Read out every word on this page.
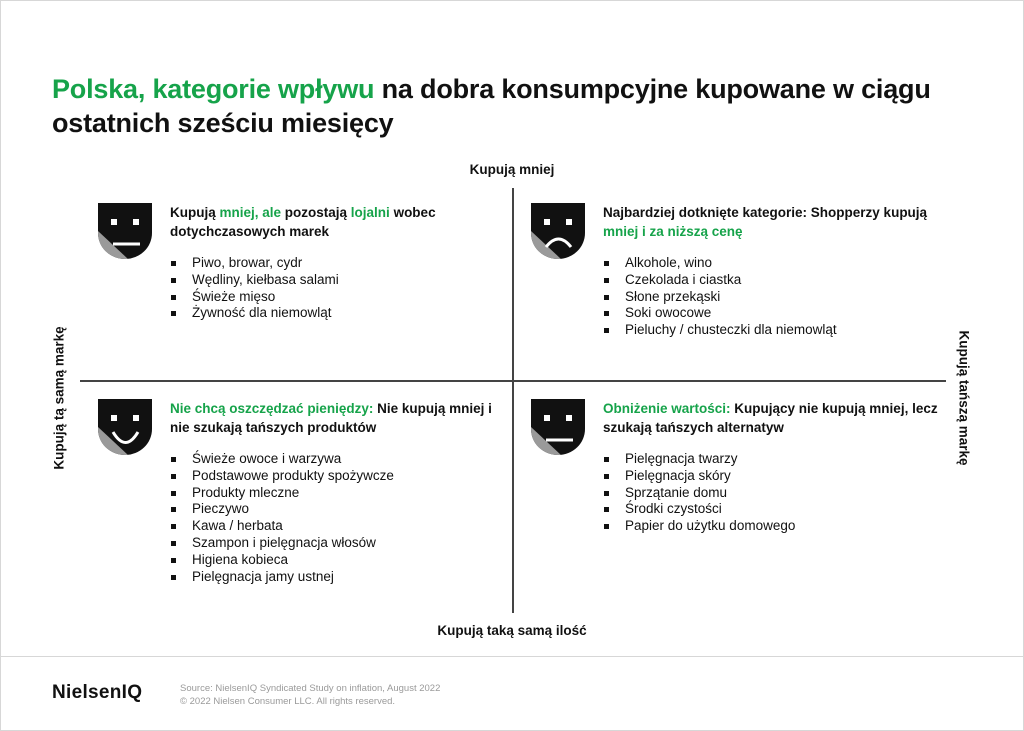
Polska, kategorie wpływu na dobra konsumpcyjne kupowane w ciągu ostatnich sześciu miesięcy
Kupują mniej
Kupują taką samą ilość
Kupują tą samą markę	Kupują tańszą markę
Kupują mniej, ale pozostają lojalni wobec dotychczasowych marek
Piwo, browar, cydr
Wędliny, kiełbasa salami
Świeże mięso
Żywność dla niemowląt
Najbardziej dotknięte kategorie: Shopperzy kupują mniej i za niższą cenę
Alkohole, wino
Czekolada i ciastka
Słone przekąski
Soki owocowe
Pieluchy / chusteczki dla niemowląt
Nie chcą oszczędzać pieniędzy: Nie kupują mniej i nie szukają tańszych produktów
Świeże owoce i warzywa
Podstawowe produkty spożywcze
Produkty mleczne
Pieczywo
Kawa / herbata
Szampon i pielęgnacja włosów
Higiena kobieca
Pielęgnacja jamy ustnej
Obniżenie wartości: Kupujący nie kupują mniej, lecz szukają tańszych alternatyw
Pielęgnacja twarzy
Pielęgnacja skóry
Sprzątanie domu
Środki czystości
Papier do użytku domowego
NielsenIQ	Source: NielsenIQ Syndicated Study on inflation, August 2022
© 2022 Nielsen Consumer LLC. All rights reserved.
